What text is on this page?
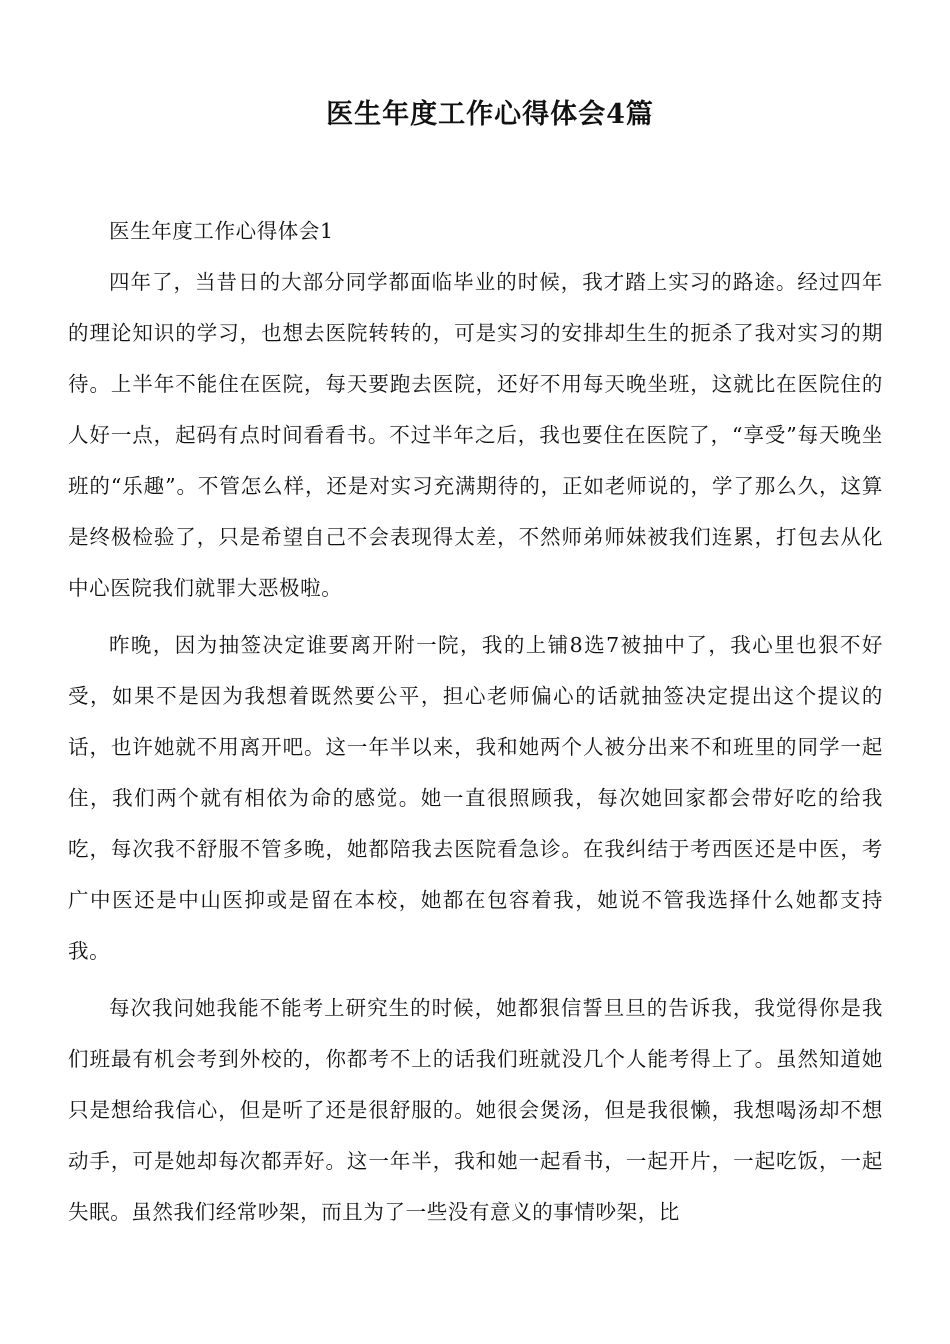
医生年度工作心得体会4篇

医生年度工作心得体会1

四年了，当昔日的大部分同学都面临毕业的时候，我才踏上实习的路途。经过四年的理论知识的学习，也想去医院转转的，可是实习的安排却生生的扼杀了我对实习的期待。上半年不能住在医院，每天要跑去医院，还好不用每天晚坐班，这就比在医院住的人好一点，起码有点时间看看书。不过半年之后，我也要住在医院了，“享受”每天晚坐班的“乐趣”。不管怎么样，还是对实习充满期待的，正如老师说的，学了那么久，这算是终极检验了，只是希望自己不会表现得太差，不然师弟师妹被我们连累，打包去从化中心医院我们就罪大恶极啦。

昨晚，因为抽签决定谁要离开附一院，我的上铺8选7被抽中了，我心里也狠不好受，如果不是因为我想着既然要公平，担心老师偏心的话就抽签决定提出这个提议的话，也许她就不用离开吧。这一年半以来，我和她两个人被分出来不和班里的同学一起住，我们两个就有相依为命的感觉。她一直很照顾我，每次她回家都会带好吃的给我吃，每次我不舒服不管多晚，她都陪我去医院看急诊。在我纠结于考西医还是中医，考广中医还是中山医抑或是留在本校，她都在包容着我，她说不管我选择什么她都支持我。

每次我问她我能不能考上研究生的时候，她都狠信誓旦旦的告诉我，我觉得你是我们班最有机会考到外校的，你都考不上的话我们班就没几个人能考得上了。虽然知道她只是想给我信心，但是听了还是很舒服的。她很会煲汤，但是我很懒，我想喝汤却不想动手，可是她却每次都弄好。这一年半，我和她一起看书，一起开片，一起吃饭，一起失眠。虽然我们经常吵架，而且为了一些没有意义的事情吵架，比
